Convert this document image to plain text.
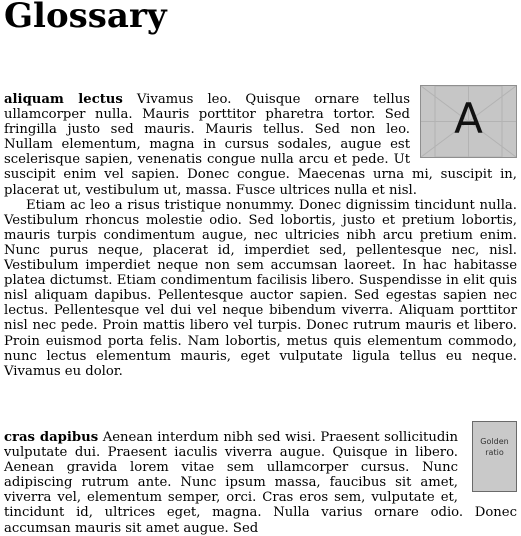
Glossary
A

aliquam lectus Vivamus leo. Quisque ornare tellus ullamcorper nulla. Mauris porttitor pharetra tortor. Sed fringilla justo sed mauris. Mauris tellus. Sed non leo. Nullam elementum, magna in cursus sodales, augue est scelerisque sapien, venenatis congue nulla arcu et pede. Ut suscipit enim vel sapien. Donec congue. Maecenas urna mi, suscipit in, placerat ut, vestibulum ut, massa. Fusce ultrices nulla et nisl.

Etiam ac leo a risus tristique nonummy. Donec dignissim tincidunt nulla. Vestibulum rhoncus molestie odio. Sed lobortis, justo et pretium lobortis, mauris turpis condimentum augue, nec ultricies nibh arcu pretium enim. Nunc purus neque, placerat id, imperdiet sed, pellentesque nec, nisl. Vestibulum imperdiet neque non sem accumsan laoreet. In hac habitasse platea dictumst. Etiam condimentum facilisis libero. Suspendisse in elit quis nisl aliquam dapibus. Pellentesque auctor sapien. Sed egestas sapien nec lectus. Pellentesque vel dui vel neque bibendum viverra. Aliquam porttitor nisl nec pede. Proin mattis libero vel turpis. Donec rutrum mauris et libero. Proin euismod porta felis. Nam lobortis, metus quis elementum commodo, nunc lectus elementum mauris, eget vulputate ligula tellus eu neque. Vivamus eu dolor.

Golden
ratio

cras dapibus Aenean interdum nibh sed wisi. Praesent sollicitudin vulputate dui. Praesent iaculis viverra augue. Quisque in libero. Aenean gravida lorem vitae sem ullamcorper cursus. Nunc adipiscing rutrum ante. Nunc ipsum massa, faucibus sit amet, viverra vel, elementum semper, orci. Cras eros sem, vulputate et, tincidunt id, ultrices eget, magna. Nulla varius ornare odio. Donec accumsan mauris sit amet augue. Sed
